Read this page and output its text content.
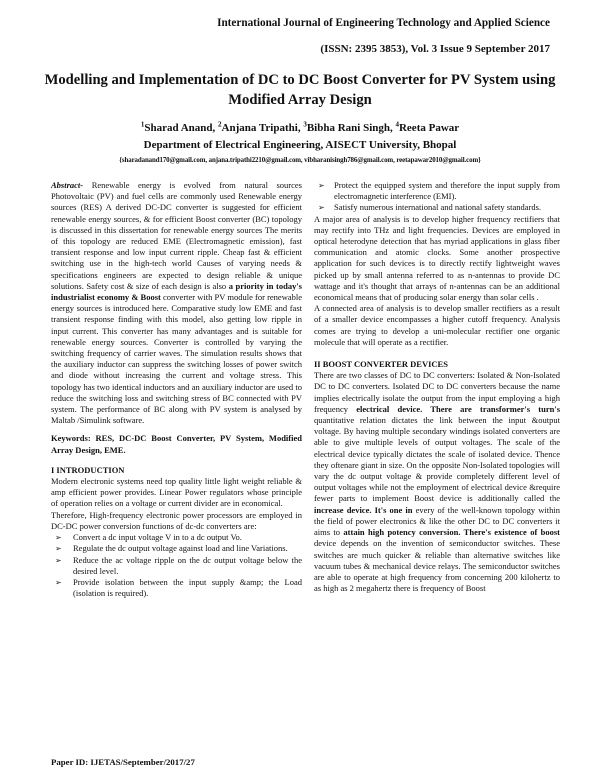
International Journal of Engineering Technology and Applied Science
(ISSN: 2395 3853), Vol. 3 Issue 9 September 2017
Modelling and Implementation of DC to DC Boost Converter for PV System using Modified Array Design
$^1$Sharad Anand, $^2$Anjana Tripathi, $^3$Bibha Rani Singh, $^4$Reeta Pawar
Department of Electrical Engineering, AISECT University, Bhopal
{sharadanand170@gmail.com, anjana.tripathi2210@gmail.com, vibharanisingh786@gmail.com, reetapawar2010@gmail.com}

Abstract- Renewable energy is evolved from natural sources Photovoltaic (PV) and fuel cells are commonly used Renewable energy sources (RES) A derived DC-DC converter is suggested for efficient renewable energy sources, & for efficient Boost converter (BC) topology is discussed in this dissertation for renewable energy sources The merits of this topology are reduced EME (Electromagnetic emission), fast transient response and low input current ripple. Cheap fast & efficient switching use in the high-tech world Causes of varying needs & specifications engineers are expected to design reliable & unique solutions. Safety cost & size of each design is also a priority in today's industrialist economy & Boost converter with PV module for renewable energy sources is introduced here. Comparative study low EME and fast transient response finding with this model, also getting low ripple in input current. This converter has many advantages and is suitable for renewable energy sources. Converter is controlled by varying the switching frequency of carrier waves. The simulation results shows that the auxiliary inductor can suppress the switching losses of power switch and diode without increasing the current and voltage stress. This topology has two identical inductors and an auxiliary inductor are used to reduce the switching loss and switching stress of BC connected with PV system. The performance of BC along with PV system is analysed by Maltab /Simulink software.

Keywords: RES, DC-DC Boost Converter, PV System, Modified Array Design, EME.

I INTRODUCTION

Modern electronic systems need top quality little light weight reliable & amp efficient power provides. Linear Power regulators whose principle of operation relies on a voltage or current divider are in economical.

Therefore, High-frequency electronic power processors are employed in DC-DC power conversion functions of dc-dc converters are:

➢ Convert a dc input voltage V in to a dc output Vo.
➢ Regulate the dc output voltage against load and line Variations.
➢ Reduce the ac voltage ripple on the dc output voltage below the desired level.
➢ Provide isolation between the input supply &amp; the Load (isolation is required).
➢ Protect the equipped system and therefore the input supply from electromagnetic interference (EMI).
➢ Satisfy numerous international and national safety standards.

A major area of analysis is to develop higher frequency rectifiers that may rectify into THz and light frequencies. Devices are employed in optical heterodyne detection that has myriad applications in glass fiber communication and atomic clocks. Some another prospective application for such devices is to directly rectify lightweight waves picked up by small antenna referred to as n-antennas to provide DC wattage and it's thought that arrays of n-antennas can be an additional economical means that of producing solar energy than solar cells .

A connected area of analysis is to develop smaller rectifiers as a result of a smaller device encompasses a higher cutoff frequency. Analysis comes are trying to develop a uni-molecular rectifier one organic molecule that will operate as a rectifier.

II BOOST CONVERTER DEVICES

There are two classes of DC to DC converters: Isolated & Non-Isolated DC to DC converters. Isolated DC to DC converters because the name implies electrically isolate the output from the input employing a high frequency electrical device. There are transformer's turn's quantitative relation dictates the link between the input &output voltage. By having multiple secondary windings isolated converters are able to give multiple levels of output voltages. The scale of the electrical device typically dictates the scale of isolated device. Thence they oftenare giant in size. On the opposite Non-Isolated topologies will vary the dc output voltage & provide completely different level of output voltages while not the employment of electrical device &require fewer parts to implement Boost device is additionally called the increase device. It's one in every of the well-known topology within the field of power electronics & like the other DC to DC converters it aims to attain high potency conversion. There's existence of boost device depends on the invention of semiconductor switches. These switches are much quicker & reliable than alternative switches like vacuum tubes & mechanical device relays. The semiconductor switches are able to operate at high frequency from concerning 200 kilohertz to as high as 2 megahertz there is frequency of Boost

Paper ID: IJETAS/September/2017/27
